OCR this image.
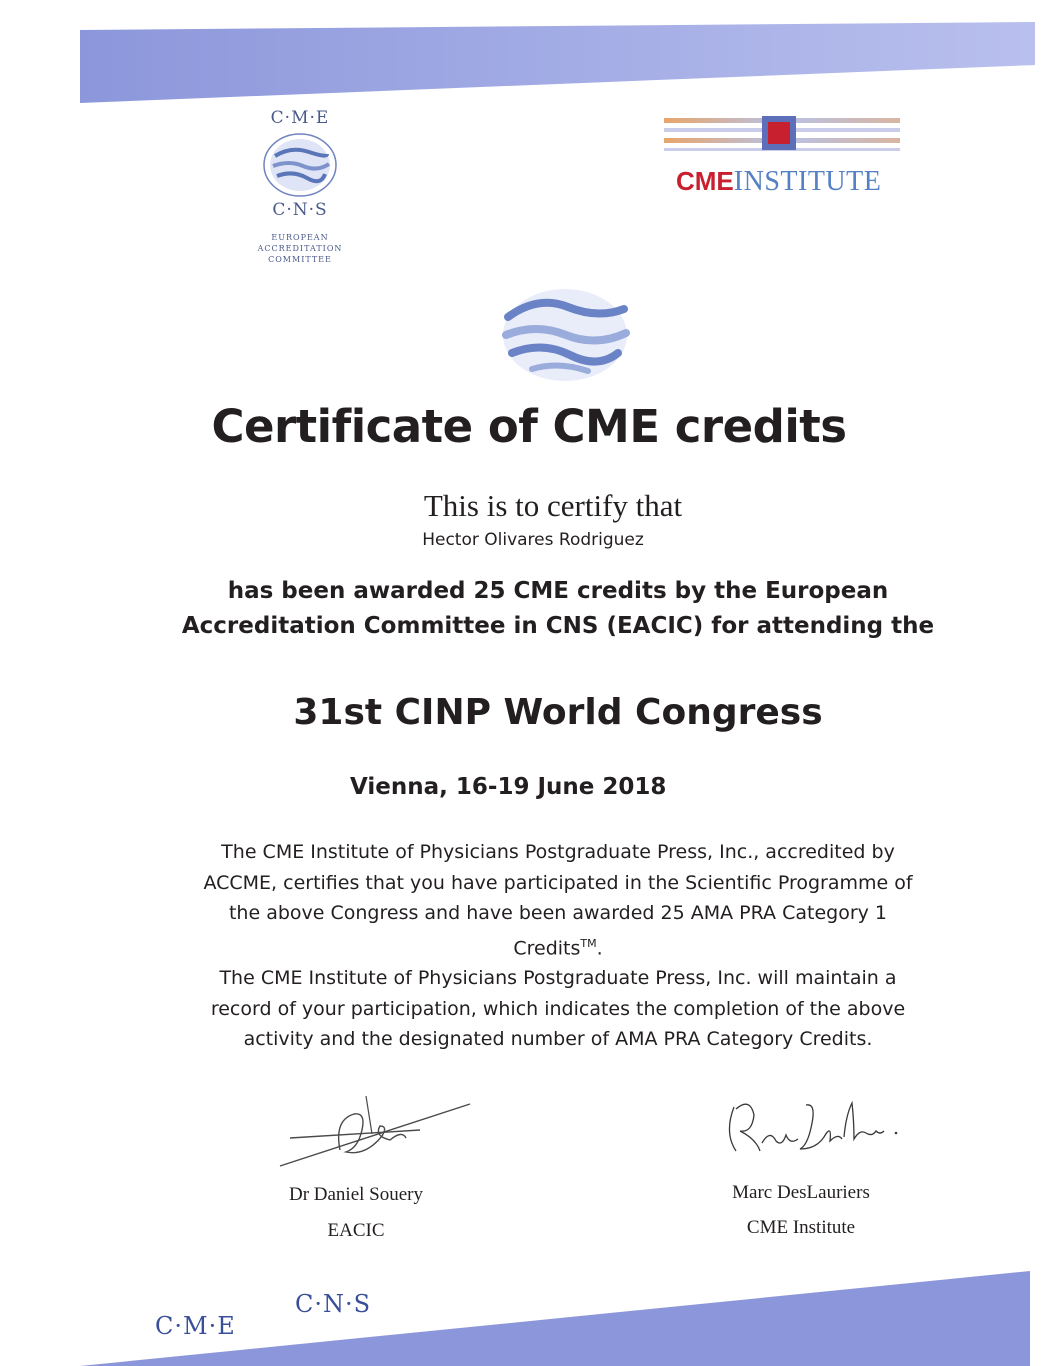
C·M·E
C·N·S
EUROPEAN
ACCREDITATION
COMMITTEE
CMEINSTITUTE
Certificate of CME credits
This is to certify that
Hector Olivares Rodriguez
has been awarded 25 CME credits by the European
Accreditation Committee in CNS (EACIC) for attending the
31st CINP World Congress
Vienna, 16-19 June 2018
The CME Institute of Physicians Postgraduate Press, Inc., accredited by
ACCME, certifies that you have participated in the Scientific Programme of
the above Congress and have been awarded 25 AMA PRA Category 1
Credits™.
The CME Institute of Physicians Postgraduate Press, Inc. will maintain a
record of your participation, which indicates the completion of the above
activity and the designated number of AMA PRA Category Credits.
Dr Daniel Souery
EACIC
Marc DesLauriers
CME Institute
C·M·E
C·N·S
